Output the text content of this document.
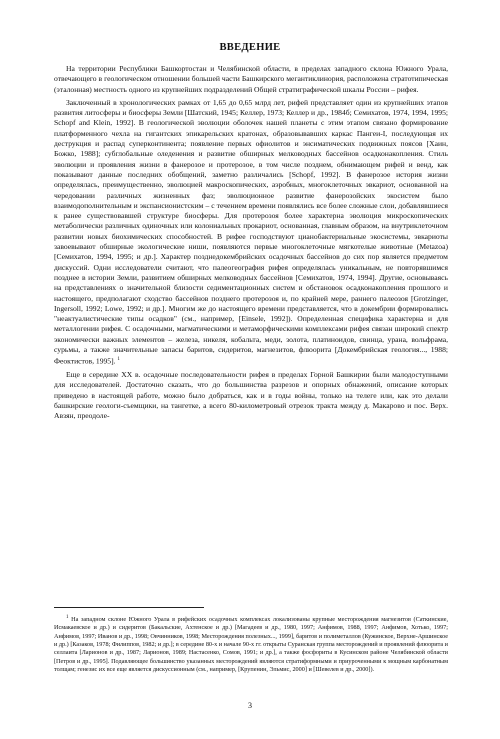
ВВЕДЕНИЕ

На территории Республики Башкортостан и Челябинской области, в пределах западного склона Южного Урала, отвечающего в геологическом отношении большей части Башкирского мегантиклинория, расположена стратотипическая (эталонная) местность одного из крупнейших подразделений Общей стратиграфической шкалы России – рифея.

Заключенный в хронологических рамках от 1,65 до 0,65 млрд лет, рифей представляет один из крупнейших этапов развития литосферы и биосферы Земли [Шатский, 1945; Келлер, 1973; Келлер и др., 1984б; Семихатов, 1974, 1994, 1995; Schopf and Klein, 1992]. В геологической эволюции оболочек нашей планеты с этим этапом связано формирование платформенного чехла на гигантских эпикарельских кратонах, образовывавших каркас Пангеи-I, последующая их деструкция и распад суперконтинента; появление первых офиолитов и энсиматических подвижных поясов [Хаин, Божко, 1988]; субглобальные оледенения и развитие обширных мелководных бассейнов осадконакопления. Стиль эволюции и проявления жизни в фанерозое и протерозое, в том числе позднем, обнимающем рифей и венд, как показывают данные последних обобщений, заметно различались [Schopf, 1992]. В фанерозое история жизни определялась, преимущественно, эволюцией макроскопических, аэробных, многоклеточных эвкариот, основанной на чередовании различных жизненных фаз; эволюционное развитие фанерозойских экосистем было взаимодополнительным и экспансионистским – с течением времени появлялись все более сложные слои, добавлявшиеся к ранее существовавшей структуре биосферы. Для протерозоя более характерна эволюция микроскопических метаболически различных одиночных или колониальных прокариот, основанная, главным образом, на внутриклеточном развитии новых биохимических способностей. В рифее господствуют цианобактериальные экосистемы, эвкариоты завоевывают обширные экологические ниши, появляются первые многоклеточные мягкотелые животные (Metazoa) [Семихатов, 1994, 1995; и др.]. Характер позднедокембрийских осадочных бассейнов до сих пор является предметом дискуссий. Одни исследователи считают, что палеогеография рифея определялась уникальным, не повторявшимся позднее в истории Земли, развитием обширных мелководных бассейнов [Семихатов, 1974, 1994]. Другие, основываясь на представлениях о значительной близости седиментационных систем и обстановок осадконакопления прошлого и настоящего, предполагают сходство бассейнов позднего протерозоя и, по крайней мере, раннего палеозоя [Grotzinger, Ingersoll, 1992; Lowe, 1992; и др.]. Многим же до настоящего времени представляется, что в докембрии формировались "неактуалистические типы осадков" (см., например, [Einsele, 1992]). Определенная специфика характерна и для металлогении рифея. С осадочными, магматическими и метаморфическими комплексами рифея связан широкий спектр экономически важных элементов – железа, никеля, кобальта, меди, золота, платиноидов, свинца, урана, вольфрама, сурьмы, а также значительные запасы баритов, сидеритов, магнезитов, флюорита [Докембрийская геология..., 1988; Феоктистов, 1995]. $^1$

Еще в середине XX в. осадочные последовательности рифея в пределах Горной Башкирии были малодоступными для исследователей. Достаточно сказать, что до большинства разрезов и опорных обнажений, описание которых приведено в настоящей работе, можно было добраться, как и в годы войны, только на телеге или, как это делали башкирские геологи-съемщики, на тангетке, а всего 80-километровый отрезок тракта между д. Макарово и пос. Верх. Авзян, преодоле-

$^1$ На западном склоне Южного Урала в рифейских осадочных комплексах локализованы крупные месторождения магнезитов (Саткинские, Исмакаевское и др.) и сидеритов (Бакальские, Ахтенское и др.) [Магадеев и др., 1980, 1997; Анфимов, 1988, 1997; Анфимов, Хотько, 1997; Анфимов, 1997; Иванов и др., 1998; Овчинников, 1998; Месторождения полезных..., 1999], баритов и полиметаллов (Кужинское, Верхне-Аршинское и др.) [Казаков, 1978; Филиппов, 1982; и др.]; в середине 80-х и начале 90-х гг. открыты Суранская группа месторождений и проявлений флюорита и селлаита [Ларионов и др., 1987; Ларионов, 1989; Настасенко, Сомов, 1991; и др.], а также фосфориты в Кусинском районе Челябинской области [Петров и др., 1995]. Подавляющее большинство указанных месторождений являются стратиформными и приуроченными к мощным карбонатным толщам; генезис их все еще является дискуссионным (см., например, [Крупенин, Эльмис, 2000] и [Шевелев и др., 2000]).

3
